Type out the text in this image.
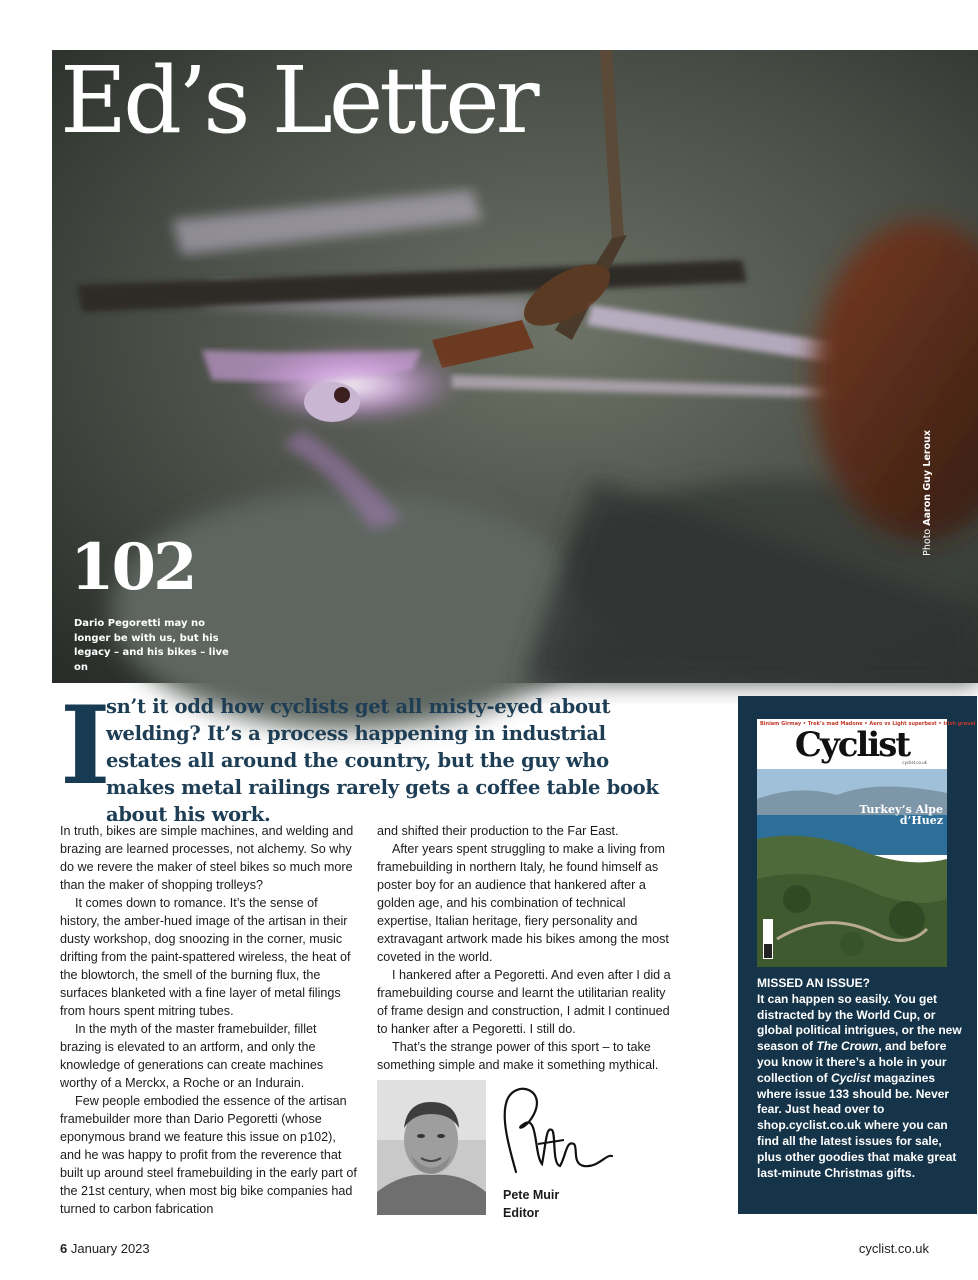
Ed’s Letter
102
Dario Pegoretti may no longer be with us, but his legacy – and his bikes – live on
Photo Aaron Guy Leroux
I

sn’t it odd how cyclists get all misty-eyed about welding? It’s a process happening in industrial estates all around the country, but the guy who makes metal railings rarely gets a coffee table book about his work.

In truth, bikes are simple machines, and welding and brazing are learned processes, not alchemy. So why do we revere the maker of steel bikes so much more than the maker of shopping trolleys?

It comes down to romance. It’s the sense of history, the amber-hued image of the artisan in their dusty workshop, dog snoozing in the corner, music drifting from the paint-spattered wireless, the heat of the blowtorch, the smell of the burning flux, the surfaces blanketed with a fine layer of metal filings from hours spent mitring tubes.

In the myth of the master framebuilder, fillet brazing is elevated to an artform, and only the knowledge of generations can create machines worthy of a Merckx, a Roche or an Indurain.

Few people embodied the essence of the artisan framebuilder more than Dario Pegoretti (whose eponymous brand we feature this issue on p102), and he was happy to profit from the reverence that built up around steel framebuilding in the early part of the 21st century, when most big bike companies had turned to carbon fabrication

and shifted their production to the Far East.

After years spent struggling to make a living from framebuilding in northern Italy, he found himself as poster boy for an audience that hankered after a golden age, and his combination of technical expertise, Italian heritage, fiery personality and extravagant artwork made his bikes among the most coveted in the world.

I hankered after a Pegoretti. And even after I did a framebuilding course and learnt the utilitarian reality of frame design and construction, I admit I continued to hanker after a Pegoretti. I still do.

That’s the strange power of this sport – to take something simple and make it something mythical.

Pete Muir
Editor
Biniam Girmay • Trek’s mad Madone • Aero vs Light superbest • Irish gravel
Cyclist
cyclist.co.uk
Turkey’s Alpe d’Huez

MISSED AN ISSUE?

It can happen so easily. You get distracted by the World Cup, or global political intrigues, or the new season of The Crown, and before you know it there’s a hole in your collection of Cyclist magazines where issue 133 should be. Never fear. Just head over to shop.cyclist.co.uk where you can find all the latest issues for sale, plus other goodies that make great last-minute Christmas gifts.

6 January 2023	cyclist.co.uk
